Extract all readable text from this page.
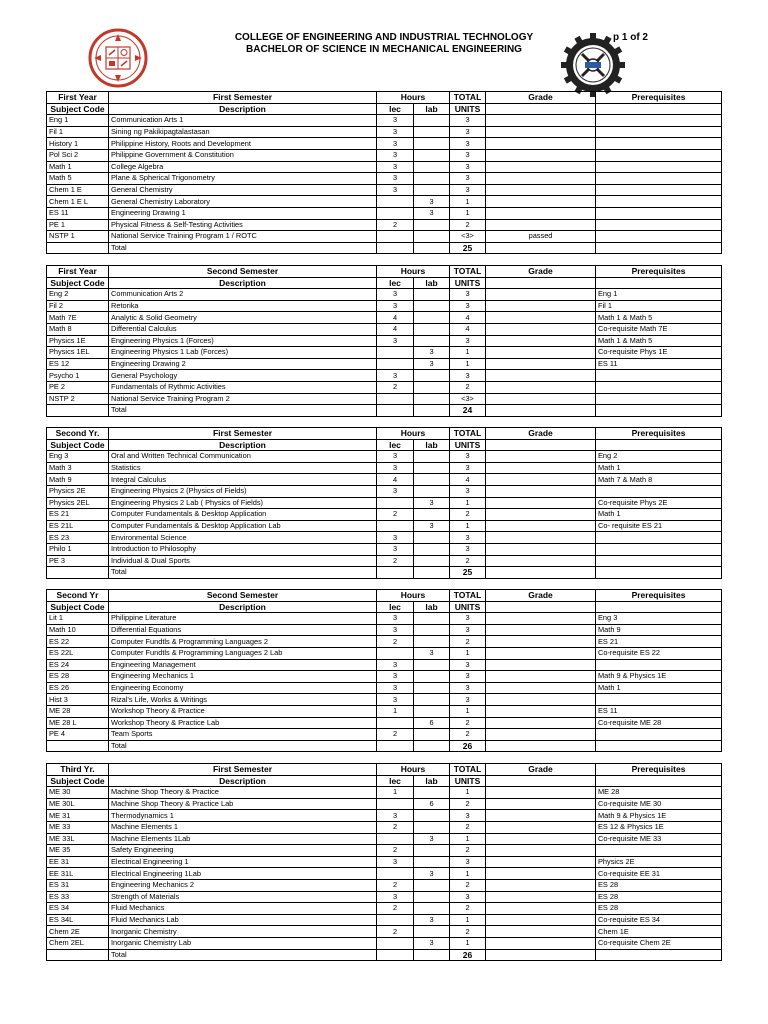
COLLEGE OF ENGINEERING AND INDUSTRIAL TECHNOLOGY
BACHELOR OF SCIENCE IN MECHANICAL ENGINEERING
p 1 of 2
First Year	First Semester	Hours		TOTAL	Grade	Prerequisites
Subject Code	Description	lec	lab	UNITS		
Eng 1	Communication Arts 1	3		3		
Fil 1	Sining ng Pakikipagtalastasan	3		3		
History 1	Philippine History, Roots and Development	3		3		
Pol Sci 2	Philippine Government & Constitution	3		3		
Math 1	College Algebra	3		3		
Math 5	Plane & Spherical Trigonometry	3		3		
Chem 1 E	General Chemistry	3		3		
Chem 1 E L	General Chemistry Laboratory		3	1		
ES 11	Engineering Drawing 1		3	1		
PE 1	Physical Fitness & Self-Testing Activities	2		2		
NSTP 1	National Service Training Program 1 / ROTC			<3>	passed	
	Total			25		
First Year	Second Semester	Hours		TOTAL	Grade	Prerequisites
Subject Code	Description	lec	lab	UNITS		
Eng 2	Communication Arts 2	3		3		Eng 1
Fil 2	Retorika	3		3		Fil 1
Math 7E	Analytic & Solid Geometry	4		4		Math 1 & Math 5
Math 8	Differential Calculus	4		4		Co-requisite Math 7E
Physics 1E	Engineering Physics 1 (Forces)	3		3		Math 1 & Math 5
Physics 1EL	Engineering Physics 1 Lab (Forces)		3	1		Co-requisite Phys 1E
ES 12	Engineering Drawing 2		3	1		ES 11
Psycho 1	General Psychology	3		3		
PE 2	Fundamentals of Rythmic Activities	2		2		
NSTP 2	National Service Training Program 2			<3>		
	Total			24		
Second Yr.	First Semester	Hours		TOTAL	Grade	Prerequisites
Subject Code	Description	lec	lab	UNITS		
Eng 3	Oral and Written Technical Communication	3		3		Eng 2
Math 3	Statistics	3		3		Math 1
Math 9	Integral Calculus	4		4		Math 7 & Math 8
Physics 2E	Engineering Physics 2 (Physics of Fields)	3		3		
Physics 2EL	Engineering Physics 2 Lab ( Physics of Fields)		3	1		Co-requisite Phys 2E
ES 21	Computer Fundamentals & Desktop Application	2		2		Math 1
ES 21L	Computer Fundamentals & Desktop Application Lab		3	1		Co- requisite ES 21
ES 23	Environmental Science	3		3		
Philo 1	Introduction to Philosophy	3		3		
PE 3	Individual & Dual Sports	2		2		
	Total			25		
Second Yr	Second Semester	Hours		TOTAL	Grade	Prerequisites
Subject Code	Description	lec	lab	UNITS		
Lit 1	Philippine Literature	3		3		Eng 3
Math 10	Differential Equations	3		3		Math 9
ES 22	Computer Fundtls & Programming Languages 2	2		2		ES 21
ES 22L	Computer Fundtls & Programming Languages 2 Lab		3	1		Co-requisite ES 22
ES 24	Engineering Management	3		3		
ES 28	Engineering Mechanics 1	3		3		Math 9 & Physics 1E
ES 26	Engineering Economy	3		3		Math 1
Hist 3	Rizal's Life, Works & Writings	3		3		
ME 28	Workshop Theory & Practice	1		1		ES 11
ME 28 L	Workshop Theory & Practice Lab		6	2		Co-requisite ME 28
PE 4	Team Sports	2		2		
	Total			26		
Third Yr.	First Semester	Hours		TOTAL	Grade	Prerequisites
Subject Code	Description	lec	lab	UNITS		
ME 30	Machine Shop Theory & Practice	1		1		ME 28
ME 30L	Machine Shop Theory & Practice Lab		6	2		Co-requisite ME 30
ME 31	Thermodynamics 1	3		3		Math 9 & Physics 1E
ME 33	Machine Elements 1	2		2		ES 12 & Physics 1E
ME 33L	Machine Elements 1Lab		3	1		Co-requisite ME 33
ME 35	Safety Engineering	2		2		
EE 31	Electrical Engineering 1	3		3		Physics 2E
EE 31L	Electrical Engineering 1Lab		3	1		Co-requisite EE 31
ES 31	Engineering Mechanics 2	2		2		ES 28
ES 33	Strength of Materials	3		3		ES 28
ES 34	Fluid Mechanics	2		2		ES 28
ES 34L	Fluid Mechanics Lab		3	1		Co-requisite ES 34
Chem 2E	Inorganic Chemistry	2		2		Chem 1E
Chem 2EL	Inorganic Chemistry Lab		3	1		Co-requisite Chem 2E
	Total			26		
